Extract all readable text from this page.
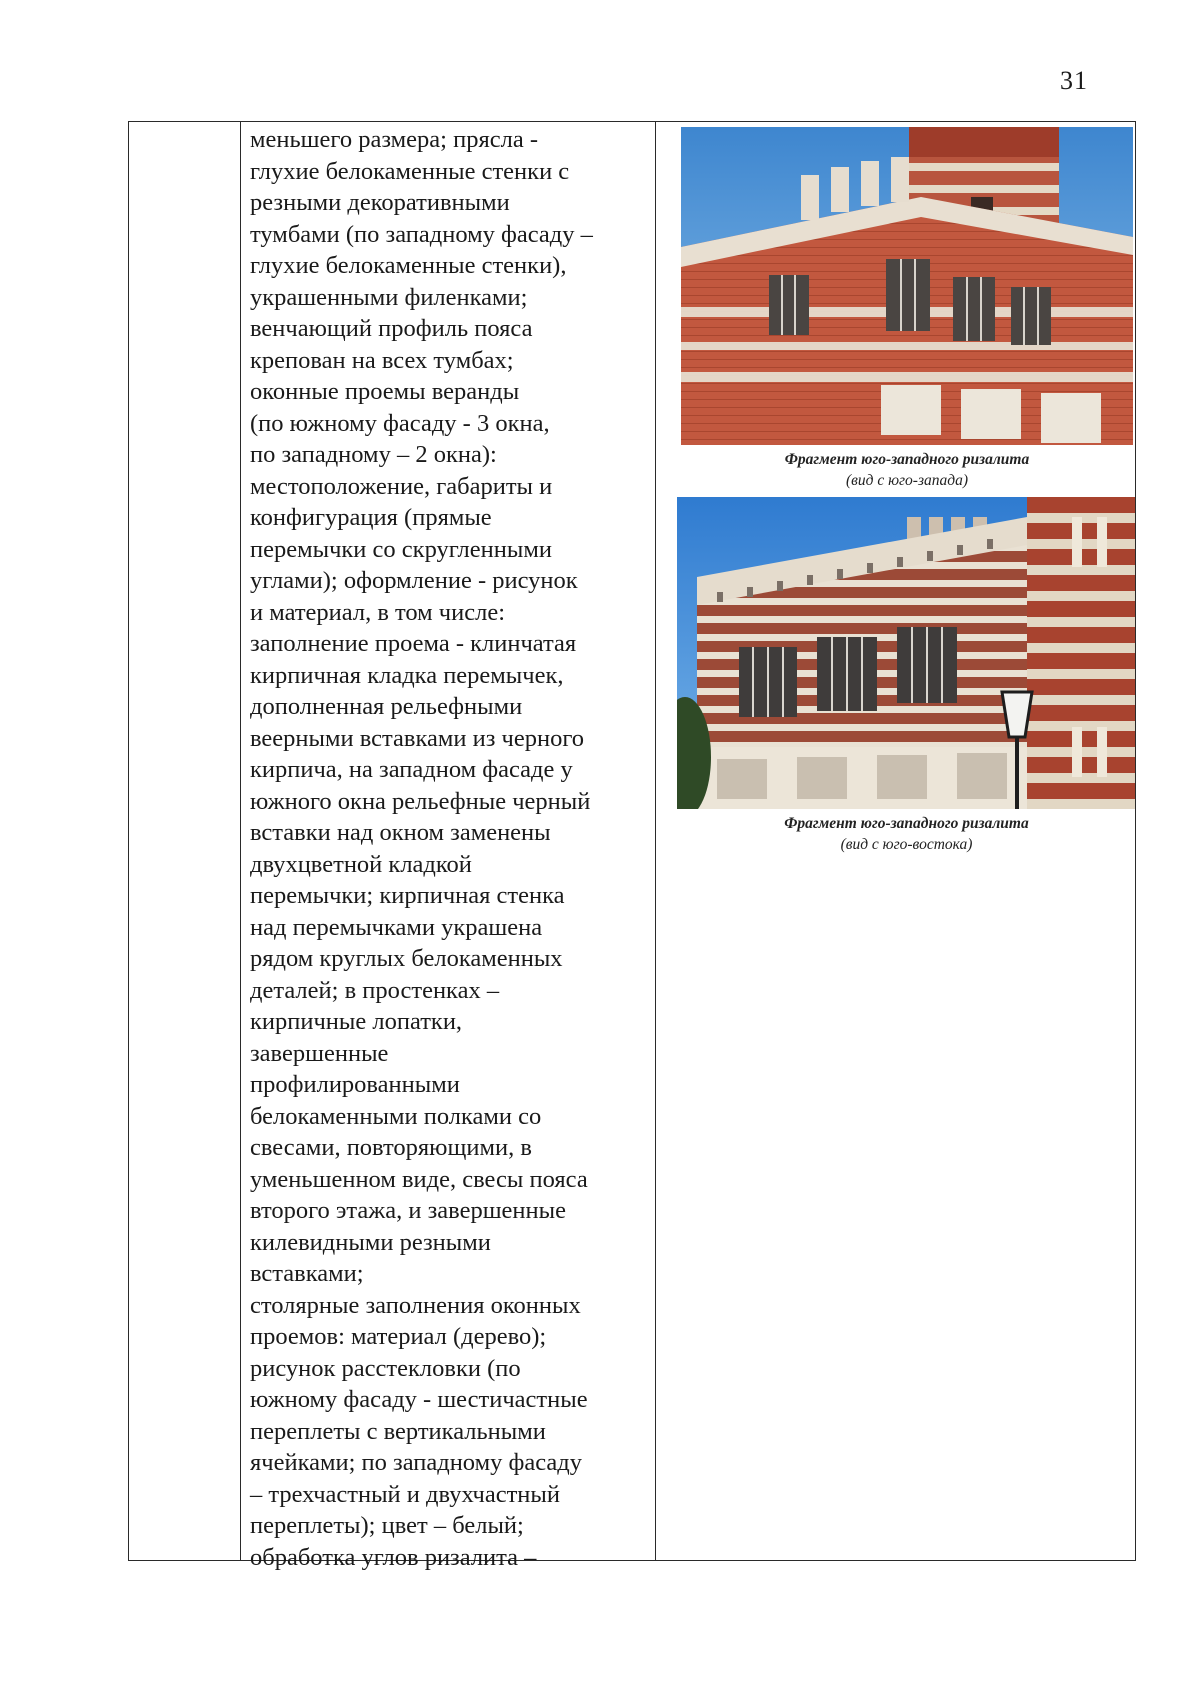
31
меньшего размера; прясла -
глухие белокаменные стенки с
резными декоративными
тумбами (по западному фасаду –
глухие белокаменные стенки),
украшенными филенками;
венчающий профиль пояса
крепован на всех тумбах;
оконные проемы веранды
(по южному фасаду - 3 окна,
по западному – 2 окна):
местоположение, габариты и
конфигурация (прямые
перемычки со скругленными
углами); оформление - рисунок
и материал, в том числе:
заполнение проема - клинчатая
кирпичная кладка перемычек,
дополненная рельефными
веерными вставками из черного
кирпича, на западном фасаде у
южного окна рельефные черный
вставки над окном заменены
двухцветной кладкой
перемычки; кирпичная стенка
над перемычками украшена
рядом круглых белокаменных
деталей; в простенках –
кирпичные лопатки,
завершенные
профилированными
белокаменными полками со
свесами, повторяющими, в
уменьшенном виде, свесы пояса
второго этажа, и завершенные
килевидными резными
вставками;
столярные заполнения оконных
проемов: материал (дерево);
рисунок расстекловки (по
южному фасаду - шестичастные
переплеты с вертикальными
ячейками; по западному фасаду
– трехчастный и двухчастный
переплеты); цвет – белый;
обработка углов ризалита –
Фрагмент юго-западного ризалита
(вид с юго-запада)
Фрагмент юго-западного ризалита
(вид с юго-востока)
